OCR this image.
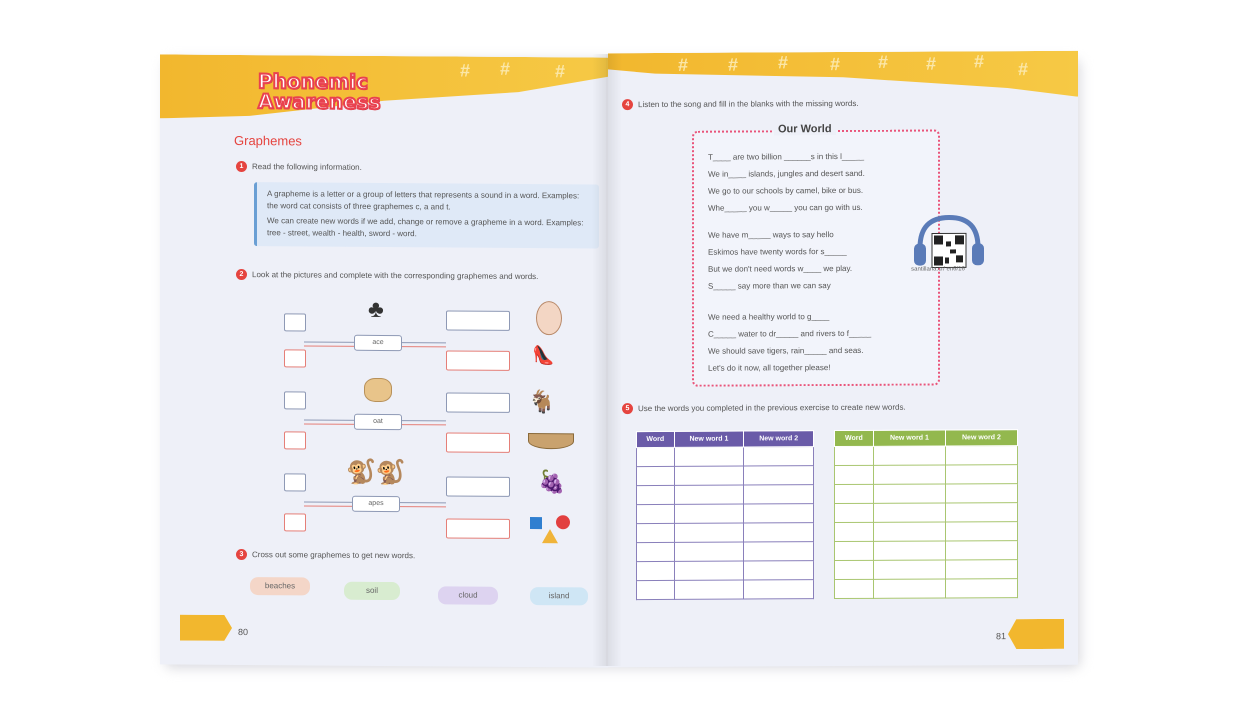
# # #
Phonemic
Awareness
Graphemes
1	Read the following information.

A grapheme is a letter or a group of letters that represents a sound in a word. Examples: the word cat consists of three graphemes c, a and t.

We can create new words if we add, change or remove a grapheme in a word. Examples: tree - street, wealth - health, sword - word.

2	Look at the pictures and complete with the corresponding graphemes and words.
ace
♣
👠
oat
🐐
apes
🐒🐒	🍇
3	Cross out some graphemes to get new words.
beaches
soil
cloud	island
80
# # # # # # # #
4	Listen to the song and fill in the blanks with the missing words.
Our World
T____ are two billion ______s in this l_____
We in____ islands, jungles and desert sand.
We go to our schools by camel, bike or bus.
Whe_____ you w_____ you can go with us.
We have m_____ ways to say hello
Eskimos have twenty words for s_____
But we don't need words w____ we play.
S_____ say more than we can say
We need a healthy world to g____
C_____ water to dr_____ and rivers to f_____
We should save tigers, rain_____ and seas.
Let's do it now, all together please!
santillana.cr/ en6/16
5	Use the words you completed in the previous exercise to create new words.
Word	New word 1	New word 2

			Word	New word 1	New word 2

81
